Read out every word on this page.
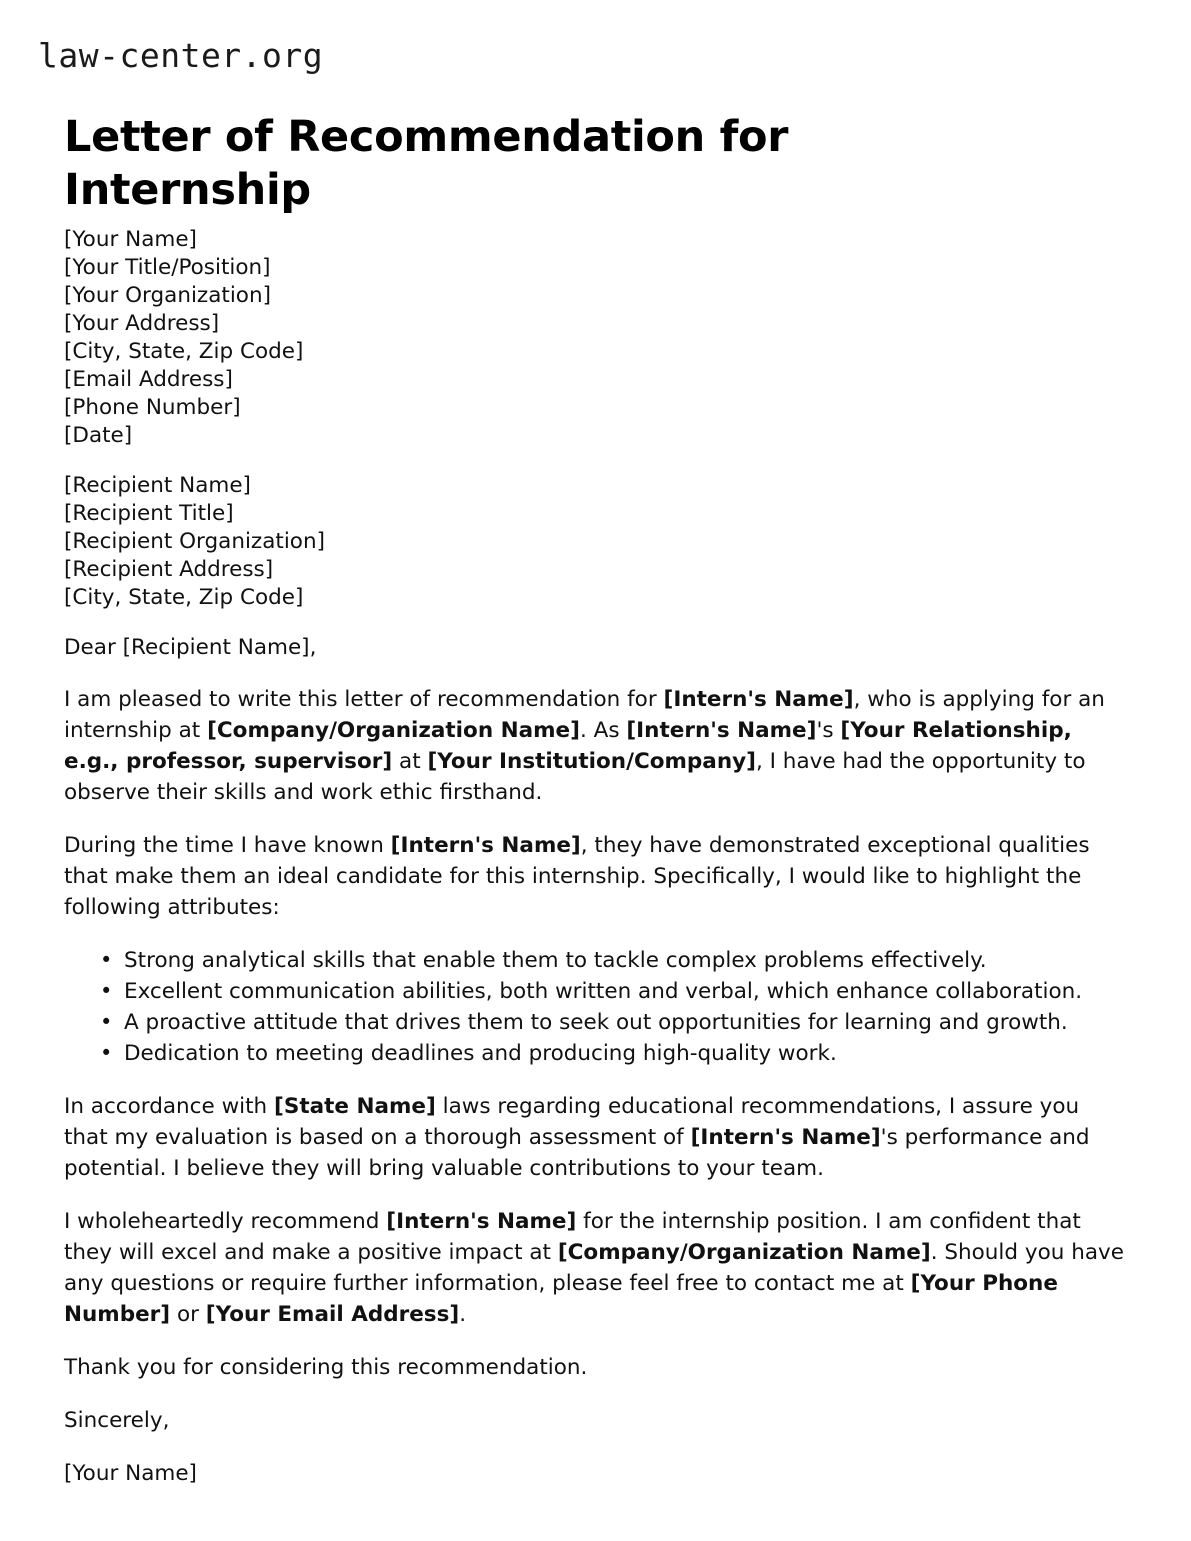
law-center.org
Letter of Recommendation for Internship
[Your Name]
[Your Title/Position]
[Your Organization]
[Your Address]
[City, State, Zip Code]
[Email Address]
[Phone Number]
[Date]
[Recipient Name]
[Recipient Title]
[Recipient Organization]
[Recipient Address]
[City, State, Zip Code]
Dear [Recipient Name],

I am pleased to write this letter of recommendation for [Intern's Name], who is applying for an internship at [Company/Organization Name]. As [Intern's Name]'s [Your Relationship, e.g., professor, supervisor] at [Your Institution/Company], I have had the opportunity to observe their skills and work ethic firsthand.

During the time I have known [Intern's Name], they have demonstrated exceptional qualities that make them an ideal candidate for this internship. Specifically, I would like to highlight the following attributes:

• Strong analytical skills that enable them to tackle complex problems effectively.
• Excellent communication abilities, both written and verbal, which enhance collaboration.
• A proactive attitude that drives them to seek out opportunities for learning and growth.
• Dedication to meeting deadlines and producing high-quality work.

In accordance with [State Name] laws regarding educational recommendations, I assure you that my evaluation is based on a thorough assessment of [Intern's Name]'s performance and potential. I believe they will bring valuable contributions to your team.

I wholeheartedly recommend [Intern's Name] for the internship position. I am confident that they will excel and make a positive impact at [Company/Organization Name]. Should you have any questions or require further information, please feel free to contact me at [Your Phone Number] or [Your Email Address].

Thank you for considering this recommendation.
Sincerely,
[Your Name]
